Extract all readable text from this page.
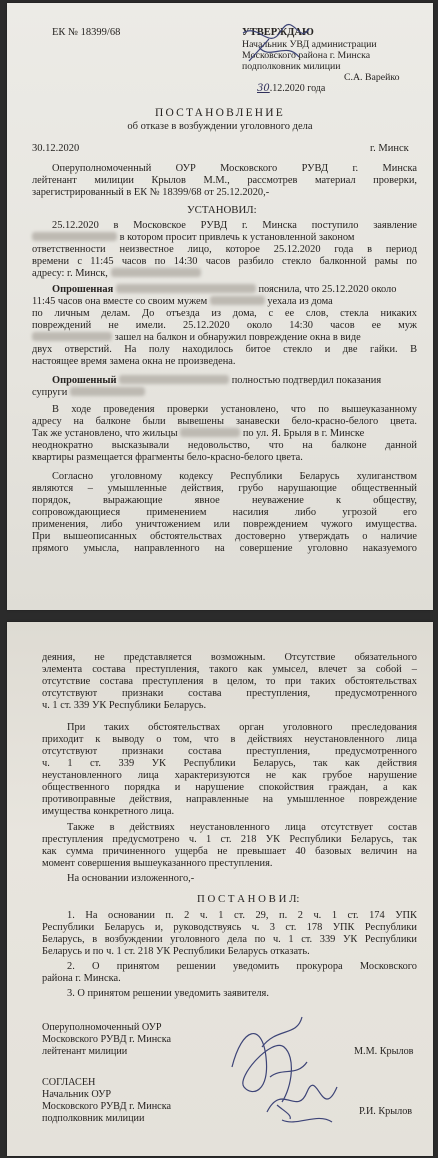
ЕК № 18399/68	УТВЕРЖДАЮ
Начальник УВД администрации
Московского района г. Минска
подполковник милиции
С.А. Варейко
30.12.2020 года
ПОСТАНОВЛЕНИЕ
об отказе в возбуждении уголовного дела
30.12.2020	г. Минск
Оперуполномоченный ОУР Московского РУВД г. Минска
лейтенант милиции Крылов М.М., рассмотрев материал проверки,
зарегистрированный в ЕК № 18399/68 от 25.12.2020,-
УСТАНОВИЛ:
25.12.2020 в Московское РУВД г. Минска поступило заявление
в котором просит привлечь к установленной законом
ответственности неизвестное лицо, которое 25.12.2020 года в период
времени с 11:45 часов по 14:30 часов разбило стекло балконной рамы по
адресу: г. Минск,
Опрошенная	пояснила, что 25.12.2020 около
11:45 часов она вместе со своим мужем	уехала из дома
по личным делам. До отъезда из дома, с ее слов, стекла никаких
повреждений не имели. 25.12.2020 около 14:30 часов ее муж
зашел на балкон и обнаружил повреждение окна в виде
двух отверстий. На полу находилось битое стекло и две гайки. В
настоящее время замена окна не произведена.
Опрошенный	полностью подтвердил показания
супруги
В ходе проведения проверки установлено, что по вышеуказанному
адресу на балконе были вывешены занавески бело-красно-белого цвета.
Так же установлено, что жильцы	по ул. Я. Брыля в г. Минске
неоднократно высказывали недовольство, что на балконе данной
квартиры размещается фрагменты бело-красно-белого цвета.
Согласно уголовному кодексу Республики Беларусь хулиганством
являются – умышленные действия, грубо нарушающие общественный
порядок, выражающие явное неуважение к обществу,
сопровождающиеся применением насилия либо угрозой его
применения, либо уничтожением или повреждением чужого имущества.
При вышеописанных обстоятельствах достоверно утверждать о наличие
прямого умысла, направленного на совершение уголовно наказуемого
деяния, не представляется возможным. Отсутствие обязательного
элемента состава преступления, такого как умысел, влечет за собой –
отсутствие состава преступления в целом, то при таких обстоятельствах
отсутствуют признаки состава преступления, предусмотренного
ч. 1 ст. 339 УК Республики Беларусь.
При таких обстоятельствах орган уголовного преследования
приходит к выводу о том, что в действиях неустановленного лица
отсутствуют признаки состава преступления, предусмотренного
ч. 1 ст. 339 УК Республики Беларусь, так как действия
неустановленного лица характеризуются не как грубое нарушение
общественного порядка и нарушение спокойствия граждан, а как
противоправные действия, направленные на умышленное повреждение
имущества конкретного лица.
Также в действиях неустановленного лица отсутствует состав
преступления предусмотрено ч. 1 ст. 218 УК Республики Беларусь, так
как сумма причиненного ущерба не превышает 40 базовых величин на
момент совершения вышеуказанного преступления.
На основании изложенного,-
П О С Т А Н О В И Л:
1. На основании п. 2 ч. 1 ст. 29, п. 2 ч. 1 ст. 174 УПК
Республики Беларусь и, руководствуясь ч. 3 ст. 178 УПК Республики
Беларусь, в возбуждении уголовного дела по ч. 1 ст. 339 УК Республики
Беларусь и по ч. 1 ст. 218 УК Республики Беларусь отказать.
2. О принятом решении уведомить прокурора Московского
района г. Минска.
3. О принятом решении уведомить заявителя.
Оперуполномоченный ОУР
Московского РУВД г. Минска
лейтенант милиции	М.М. Крылов
СОГЛАСЕН
Начальник ОУР
Московского РУВД г. Минска
подполковник милиции
Р.И. Крылов
